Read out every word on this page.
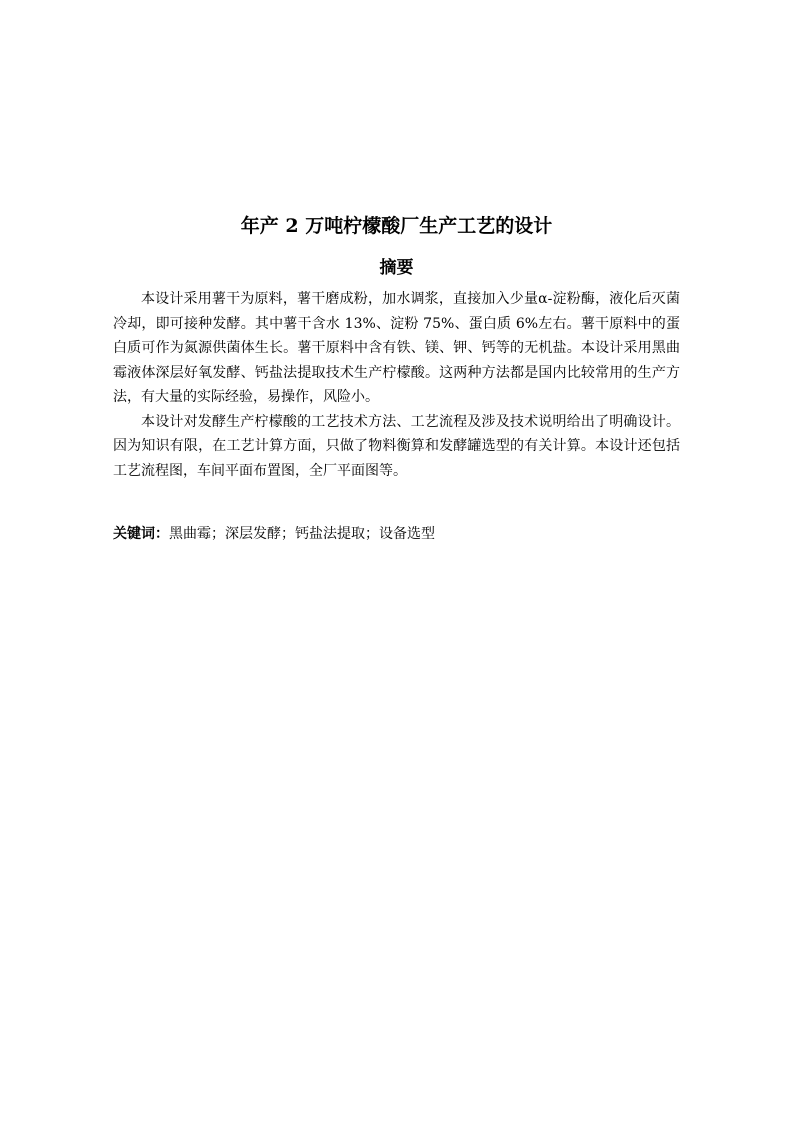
年产 2 万吨柠檬酸厂生产工艺的设计
摘要

本设计采用薯干为原料，薯干磨成粉，加水调浆，直接加入少量α-淀粉酶，液化后灭菌冷却，即可接种发酵。其中薯干含水 13%、淀粉 75%、蛋白质 6%左右。薯干原料中的蛋白质可作为氮源供菌体生长。薯干原料中含有铁、镁、钾、钙等的无机盐。本设计采用黑曲霉液体深层好氧发酵、钙盐法提取技术生产柠檬酸。这两种方法都是国内比较常用的生产方法，有大量的实际经验，易操作，风险小。

本设计对发酵生产柠檬酸的工艺技术方法、工艺流程及涉及技术说明给出了明确设计。因为知识有限，在工艺计算方面，只做了物料衡算和发酵罐选型的有关计算。本设计还包括工艺流程图，车间平面布置图，全厂平面图等。

关键词：黑曲霉；深层发酵；钙盐法提取；设备选型
